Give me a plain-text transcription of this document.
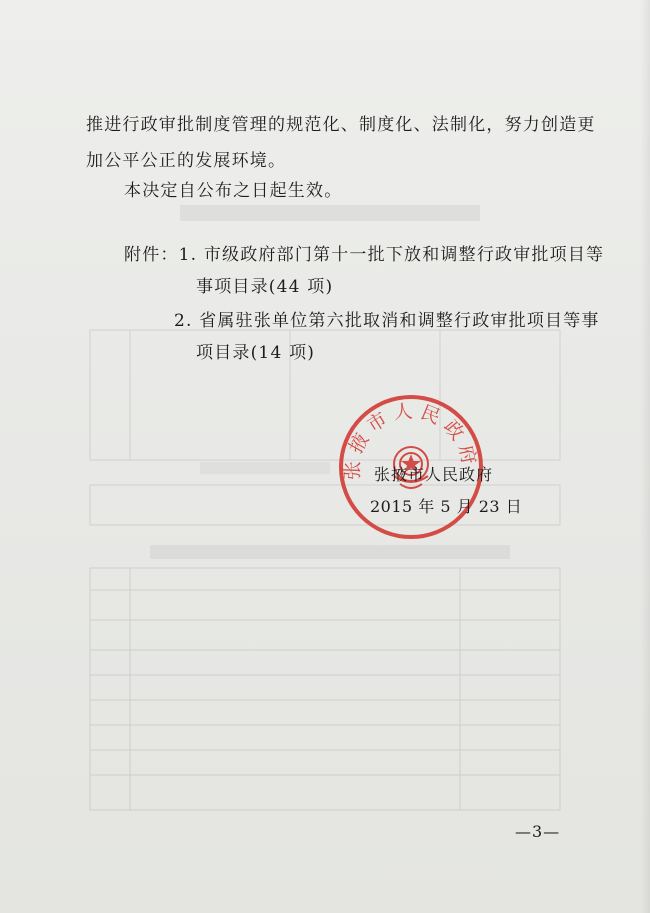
推进行政审批制度管理的规范化、制度化、法制化，努力创造更
加公平公正的发展环境。
本决定自公布之日起生效。
附件：1. 市级政府部门第十一批下放和调整行政审批项目等
事项目录(44 项)
2. 省属驻张单位第六批取消和调整行政审批项目等事
项目录(14 项)
张掖市人民政府
张掖市人民政府
2015 年 5 月 23 日
—3—
